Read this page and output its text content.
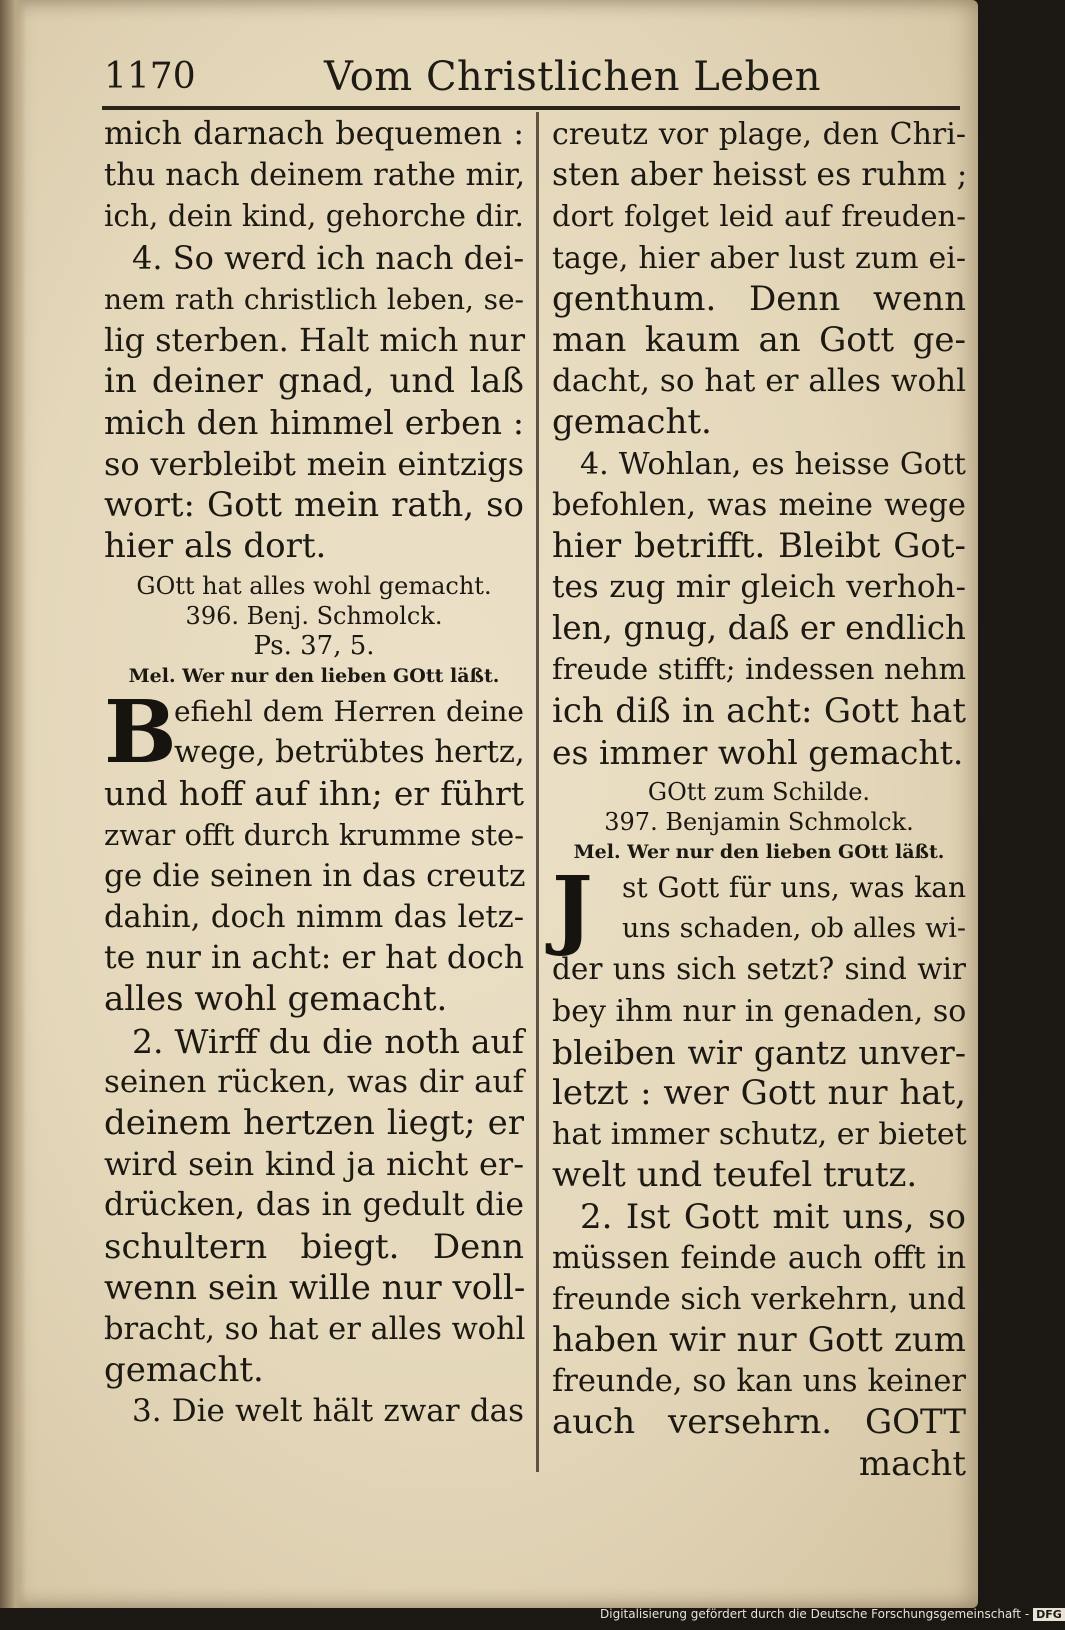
1170	Vom Christlichen Leben
mich darnach bequemen :
thu nach deinem rathe mir,
ich, dein kind, gehorche dir.
4. So werd ich nach dei-
nem rath christlich leben, se-
lig sterben. Halt mich nur
in deiner gnad, und laß
mich den himmel erben :
so verbleibt mein eintzigs
wort: Gott mein rath, so
hier als dort.
GOtt hat alles wohl gemacht.
396. Benj. Schmolck.
Ps. 37, 5.
Mel. Wer nur den lieben GOtt läßt.
B
efiehl dem Herren deine
wege, betrübtes hertz,
und hoff auf ihn; er führt
zwar offt durch krumme ste-
ge die seinen in das creutz
dahin, doch nimm das letz-
te nur in acht: er hat doch
alles wohl gemacht.
2. Wirff du die noth auf
seinen rücken, was dir auf
deinem hertzen liegt; er
wird sein kind ja nicht er-
drücken, das in gedult die
schultern biegt. Denn
wenn sein wille nur voll-
bracht, so hat er alles wohl
gemacht.
3. Die welt hält zwar das
creutz vor plage, den Chri-
sten aber heisst es ruhm ;
dort folget leid auf freuden-
tage, hier aber lust zum ei-
genthum. Denn wenn
man kaum an Gott ge-
dacht, so hat er alles wohl
gemacht.
4. Wohlan, es heisse Gott
befohlen, was meine wege
hier betrifft. Bleibt Got-
tes zug mir gleich verhoh-
len, gnug, daß er endlich
freude stifft; indessen nehm
ich diß in acht: Gott hat
es immer wohl gemacht.
GOtt zum Schilde.
397. Benjamin Schmolck.
Mel. Wer nur den lieben GOtt läßt.
J	st Gott für uns, was kan
uns schaden, ob alles wi-
der uns sich setzt? sind wir
bey ihm nur in genaden, so
bleiben wir gantz unver-
letzt : wer Gott nur hat,
hat immer schutz, er bietet
welt und teufel trutz.
2. Ist Gott mit uns, so
müssen feinde auch offt in
freunde sich verkehrn, und
haben wir nur Gott zum
freunde, so kan uns keiner
auch versehrn. GOTT
macht
Digitalisierung gefördert durch die Deutsche Forschungsgemeinschaft - DFG
